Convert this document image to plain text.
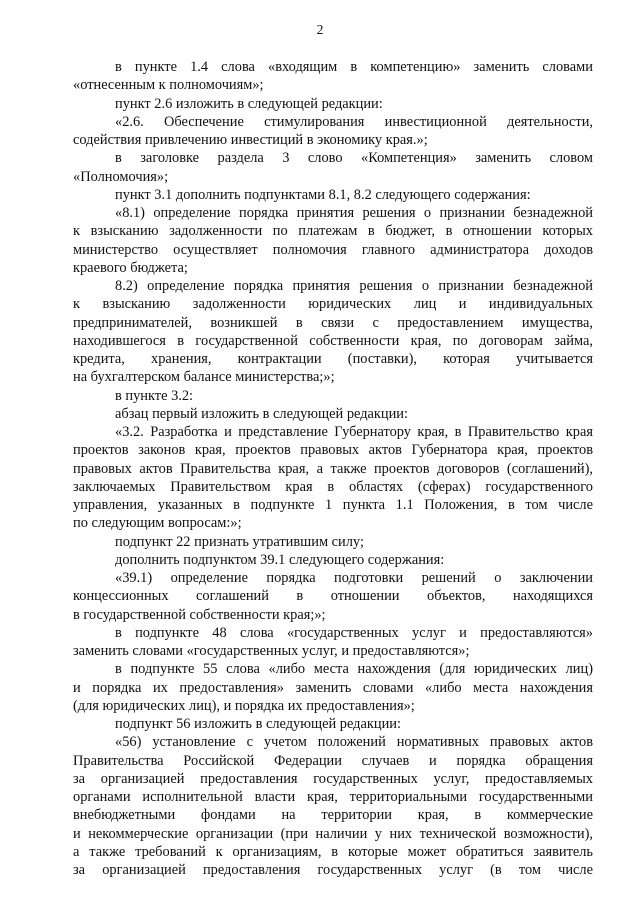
2
в пункте 1.4 слова «входящим в компетенцию» заменить словами
«отнесенным к полномочиям»;
пункт 2.6 изложить в следующей редакции:
«2.6. Обеспечение стимулирования инвестиционной деятельности,
содействия привлечению инвестиций в экономику края.»;
в заголовке раздела 3 слово «Компетенция» заменить словом
«Полномочия»;
пункт 3.1 дополнить подпунктами 8.1, 8.2 следующего содержания:
«8.1) определение порядка принятия решения о признании безнадежной
к взысканию задолженности по платежам в бюджет, в отношении которых
министерство осуществляет полномочия главного администратора доходов
краевого бюджета;
8.2) определение порядка принятия решения о признании безнадежной
к взысканию задолженности юридических лиц и индивидуальных
предпринимателей, возникшей в связи с предоставлением имущества,
находившегося в государственной собственности края, по договорам займа,
кредита, хранения, контрактации (поставки), которая учитывается
на бухгалтерском балансе министерства;»;
в пункте 3.2:
абзац первый изложить в следующей редакции:
«3.2. Разработка и представление Губернатору края, в Правительство края
проектов законов края, проектов правовых актов Губернатора края, проектов
правовых актов Правительства края, а также проектов договоров (соглашений),
заключаемых Правительством края в областях (сферах) государственного
управления, указанных в подпункте 1 пункта 1.1 Положения, в том числе
по следующим вопросам:»;
подпункт 22 признать утратившим силу;
дополнить подпунктом 39.1 следующего содержания:
«39.1) определение порядка подготовки решений о заключении
концессионных соглашений в отношении объектов, находящихся
в государственной собственности края;»;
в подпункте 48 слова «государственных услуг и предоставляются»
заменить словами «государственных услуг, и предоставляются»;
в подпункте 55 слова «либо места нахождения (для юридических лиц)
и порядка их предоставления» заменить словами «либо места нахождения
(для юридических лиц), и порядка их предоставления»;
подпункт 56 изложить в следующей редакции:
«56) установление с учетом положений нормативных правовых актов
Правительства Российской Федерации случаев и порядка обращения
за организацией предоставления государственных услуг, предоставляемых
органами исполнительной власти края, территориальными государственными
внебюджетными фондами на территории края, в коммерческие
и некоммерческие организации (при наличии у них технической возможности),
а также требований к организациям, в которые может обратиться заявитель
за организацией предоставления государственных услуг (в том числе
